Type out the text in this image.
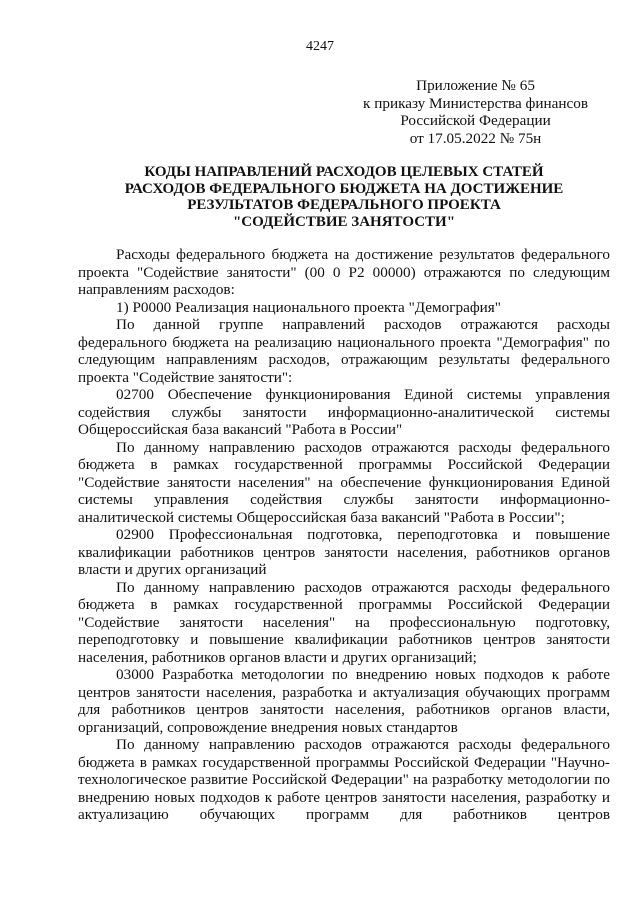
4247
Приложение № 65
к приказу Министерства финансов
Российской Федерации
от 17.05.2022 № 75н
КОДЫ НАПРАВЛЕНИЙ РАСХОДОВ ЦЕЛЕВЫХ СТАТЕЙ
РАСХОДОВ ФЕДЕРАЛЬНОГО БЮДЖЕТА НА ДОСТИЖЕНИЕ
РЕЗУЛЬТАТОВ ФЕДЕРАЛЬНОГО ПРОЕКТА
"СОДЕЙСТВИЕ ЗАНЯТОСТИ"

Расходы федерального бюджета на достижение результатов федерального проекта "Содействие занятости" (00 0 Р2 00000) отражаются по следующим направлениям расходов:

1) Р0000 Реализация национального проекта "Демография"

По данной группе направлений расходов отражаются расходы федерального бюджета на реализацию национального проекта "Демография" по следующим направлениям расходов, отражающим результаты федерального проекта "Содействие занятости":

02700 Обеспечение функционирования Единой системы управления содействия службы занятости информационно-аналитической системы Общероссийская база вакансий "Работа в России"

По данному направлению расходов отражаются расходы федерального бюджета в рамках государственной программы Российской Федерации "Содействие занятости населения" на обеспечение функционирования Единой системы управления содействия службы занятости информационно-аналитической системы Общероссийская база вакансий "Работа в России";

02900 Профессиональная подготовка, переподготовка и повышение квалификации работников центров занятости населения, работников органов власти и других организаций

По данному направлению расходов отражаются расходы федерального бюджета в рамках государственной программы Российской Федерации "Содействие занятости населения" на профессиональную подготовку, переподготовку и повышение квалификации работников центров занятости населения, работников органов власти и других организаций;

03000 Разработка методологии по внедрению новых подходов к работе центров занятости населения, разработка и актуализация обучающих программ для работников центров занятости населения, работников органов власти, организаций, сопровождение внедрения новых стандартов

По данному направлению расходов отражаются расходы федерального бюджета в рамках государственной программы Российской Федерации "Научно-технологическое развитие Российской Федерации" на разработку методологии по внедрению новых подходов к работе центров занятости населения, разработку и актуализацию обучающих программ для работников центров
